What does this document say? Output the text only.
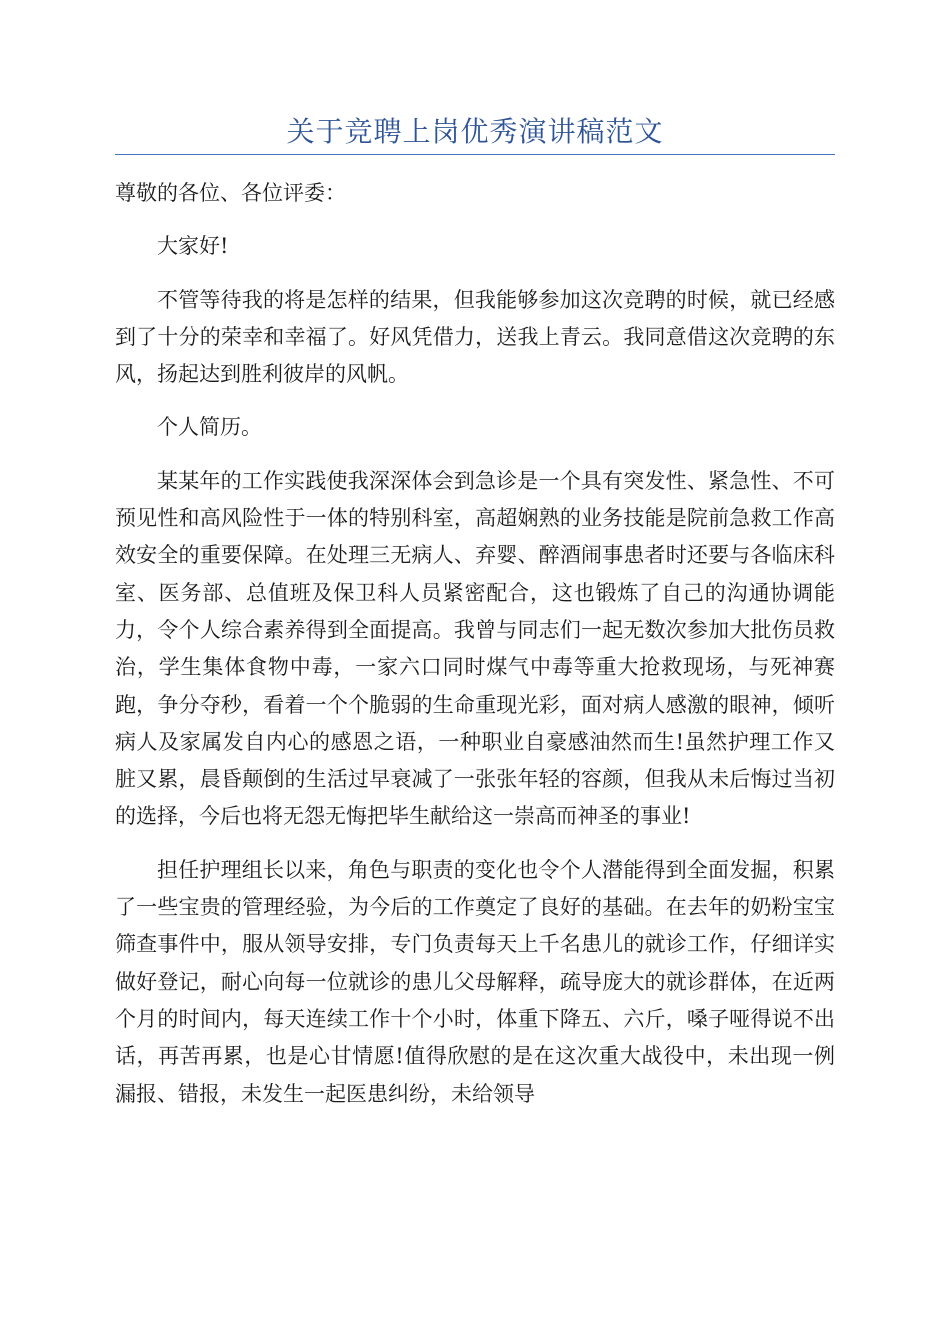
关于竞聘上岗优秀演讲稿范文

尊敬的各位、各位评委：

大家好!

不管等待我的将是怎样的结果，但我能够参加这次竞聘的时候，就已经感到了十分的荣幸和幸福了。好风凭借力，送我上青云。我同意借这次竞聘的东风，扬起达到胜利彼岸的风帆。

个人简历。

某某年的工作实践使我深深体会到急诊是一个具有突发性、紧急性、不可预见性和高风险性于一体的特别科室，高超娴熟的业务技能是院前急救工作高效安全的重要保障。在处理三无病人、弃婴、醉酒闹事患者时还要与各临床科室、医务部、总值班及保卫科人员紧密配合，这也锻炼了自己的沟通协调能力，令个人综合素养得到全面提高。我曾与同志们一起无数次参加大批伤员救治，学生集体食物中毒，一家六口同时煤气中毒等重大抢救现场，与死神赛跑，争分夺秒，看着一个个脆弱的生命重现光彩，面对病人感激的眼神，倾听病人及家属发自内心的感恩之语，一种职业自豪感油然而生!虽然护理工作又脏又累，晨昏颠倒的生活过早衰减了一张张年轻的容颜，但我从未后悔过当初的选择，今后也将无怨无悔把毕生献给这一崇高而神圣的事业!

担任护理组长以来，角色与职责的变化也令个人潜能得到全面发掘，积累了一些宝贵的管理经验，为今后的工作奠定了良好的基础。在去年的奶粉宝宝筛查事件中，服从领导安排，专门负责每天上千名患儿的就诊工作，仔细详实做好登记，耐心向每一位就诊的患儿父母解释，疏导庞大的就诊群体，在近两个月的时间内，每天连续工作十个小时，体重下降五、六斤，嗓子哑得说不出话，再苦再累，也是心甘情愿!值得欣慰的是在这次重大战役中，未出现一例漏报、错报，未发生一起医患纠纷，未给领导
